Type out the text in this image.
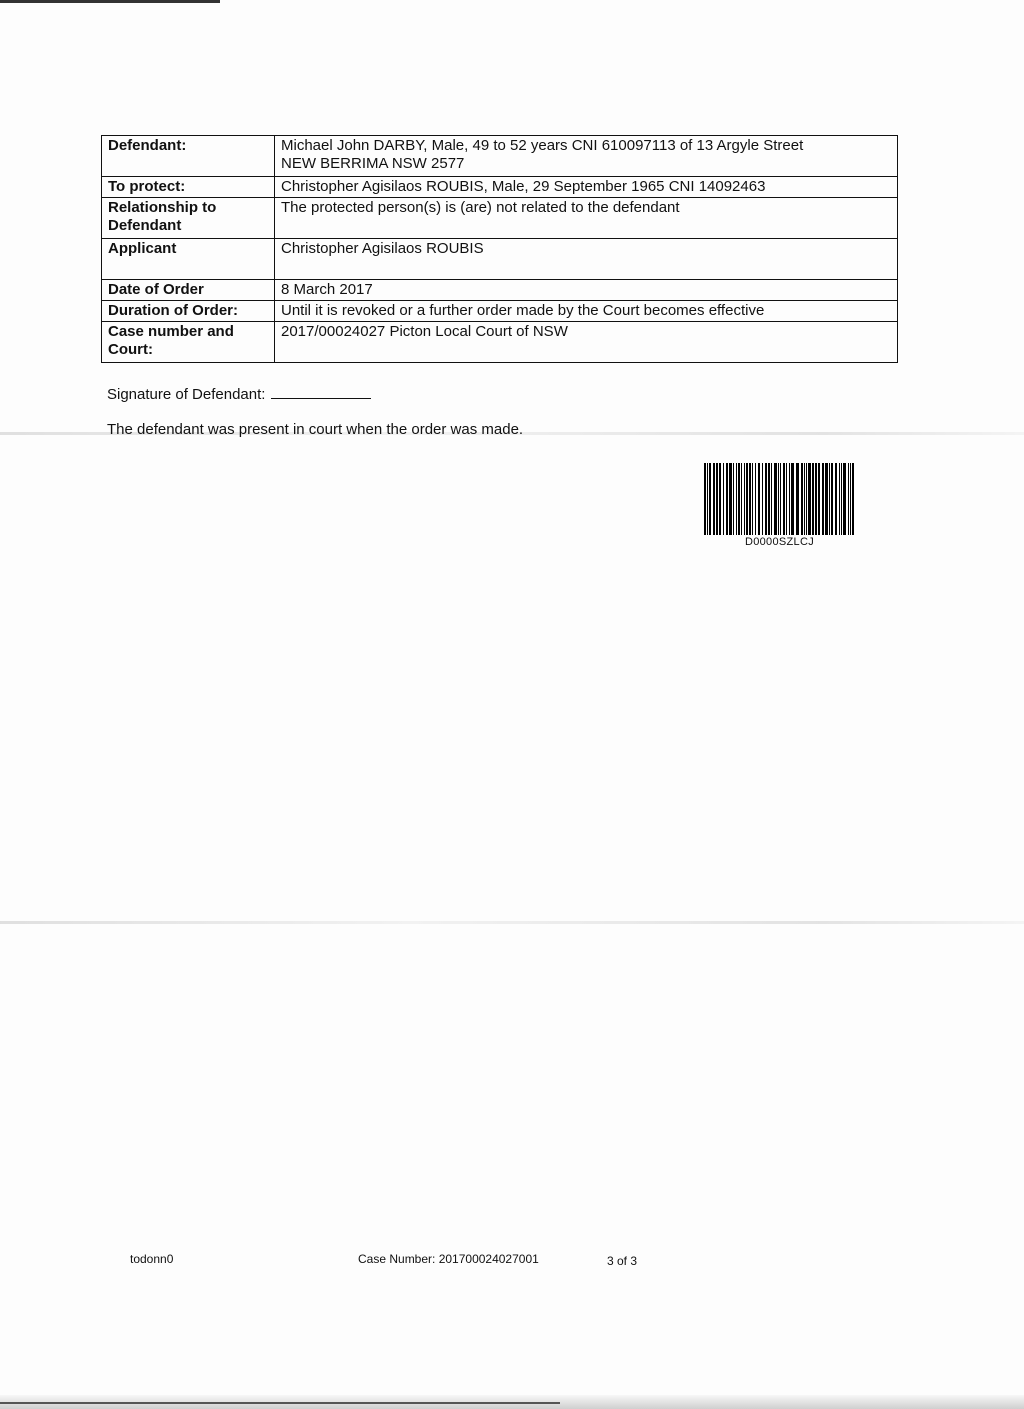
Defendant:	Michael John DARBY, Male, 49 to 52 years CNI 610097113 of 13 Argyle Street
NEW BERRIMA NSW 2577

To protect:	Christopher Agisilaos ROUBIS, Male, 29 September 1965 CNI 14092463

Relationship to
Defendant	The protected person(s) is (are) not related to the defendant
Applicant	Christopher Agisilaos ROUBIS
Date of Order	8 March 2017
Duration of Order:	Until it is revoked or a further order made by the Court becomes effective

Case number and
Court:	2017/00024027 Picton Local Court of NSW
Signature of Defendant:
The defendant was present in court when the order was made.
D0000SZLCJ
todonn0	Case Number: 201700024027001	3 of 3
